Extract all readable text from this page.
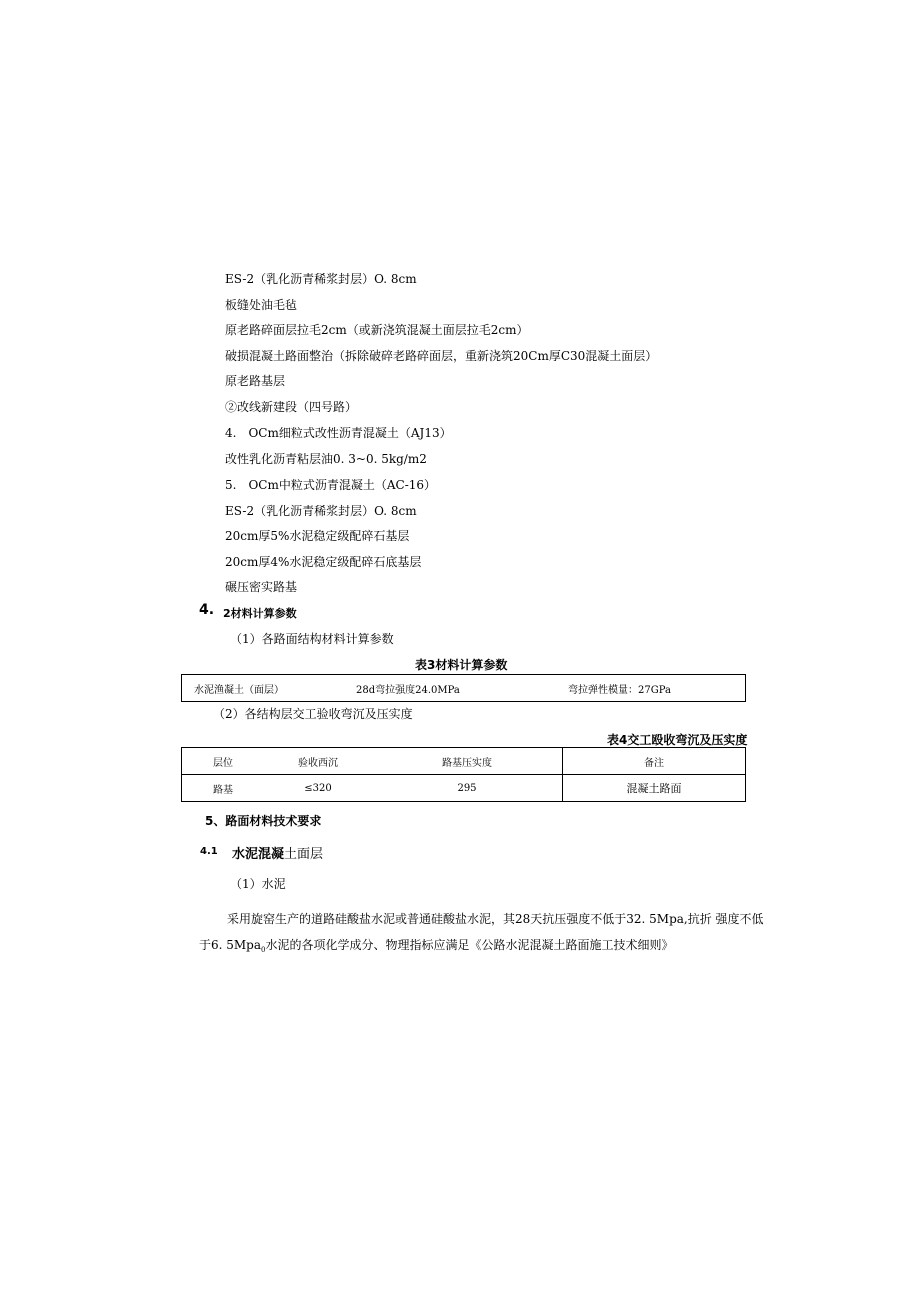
ES-2（乳化沥青稀浆封层）O. 8cm
板缝处油毛毡
原老路碎面层拉毛2cm（或新浇筑混凝土面层拉毛2cm）
破损混凝土路面整治（拆除破碎老路碎面层，重新浇筑20Cm厚C30混凝土面层）
原老路基层
②改线新建段（四号路）
4.　OCm细粒式改性沥青混凝土（AJ13）
改性乳化沥青粘层油0. 3~0. 5kg∕m2
5.　OCm中粒式沥青混凝土（AC-16）
ES-2（乳化沥青稀浆封层）O. 8cm
20cm厚5%水泥稳定级配碎石基层
20cm厚4%水泥稳定级配碎石底基层
碾压密实路基
4. 2材料计算参数
（1）各路面结构材料计算参数
表3材料计算参数
水泥渔凝土（面层）	28d弯拉强度24.0MPa	弯拉弹性模量：27GPa
（2）各结构层交工验收弯沉及压实度
表4交工殴收弯沉及压实度
层位	验收西沉	路基压实度	备注
路基	≤320	295	混凝土路面
5、路面材料技术要求
4.1 水泥混凝土面层
（1）水泥
采用旋窑生产的道路硅酸盐水泥或普通硅酸盐水泥，其28天抗压强度不低于32. 5Mpa,抗折 强度不低
于6. 5Mpa$_0$水泥的各项化学成分、物理指标应满足《公路水泥混凝土路面施工技术细则》
